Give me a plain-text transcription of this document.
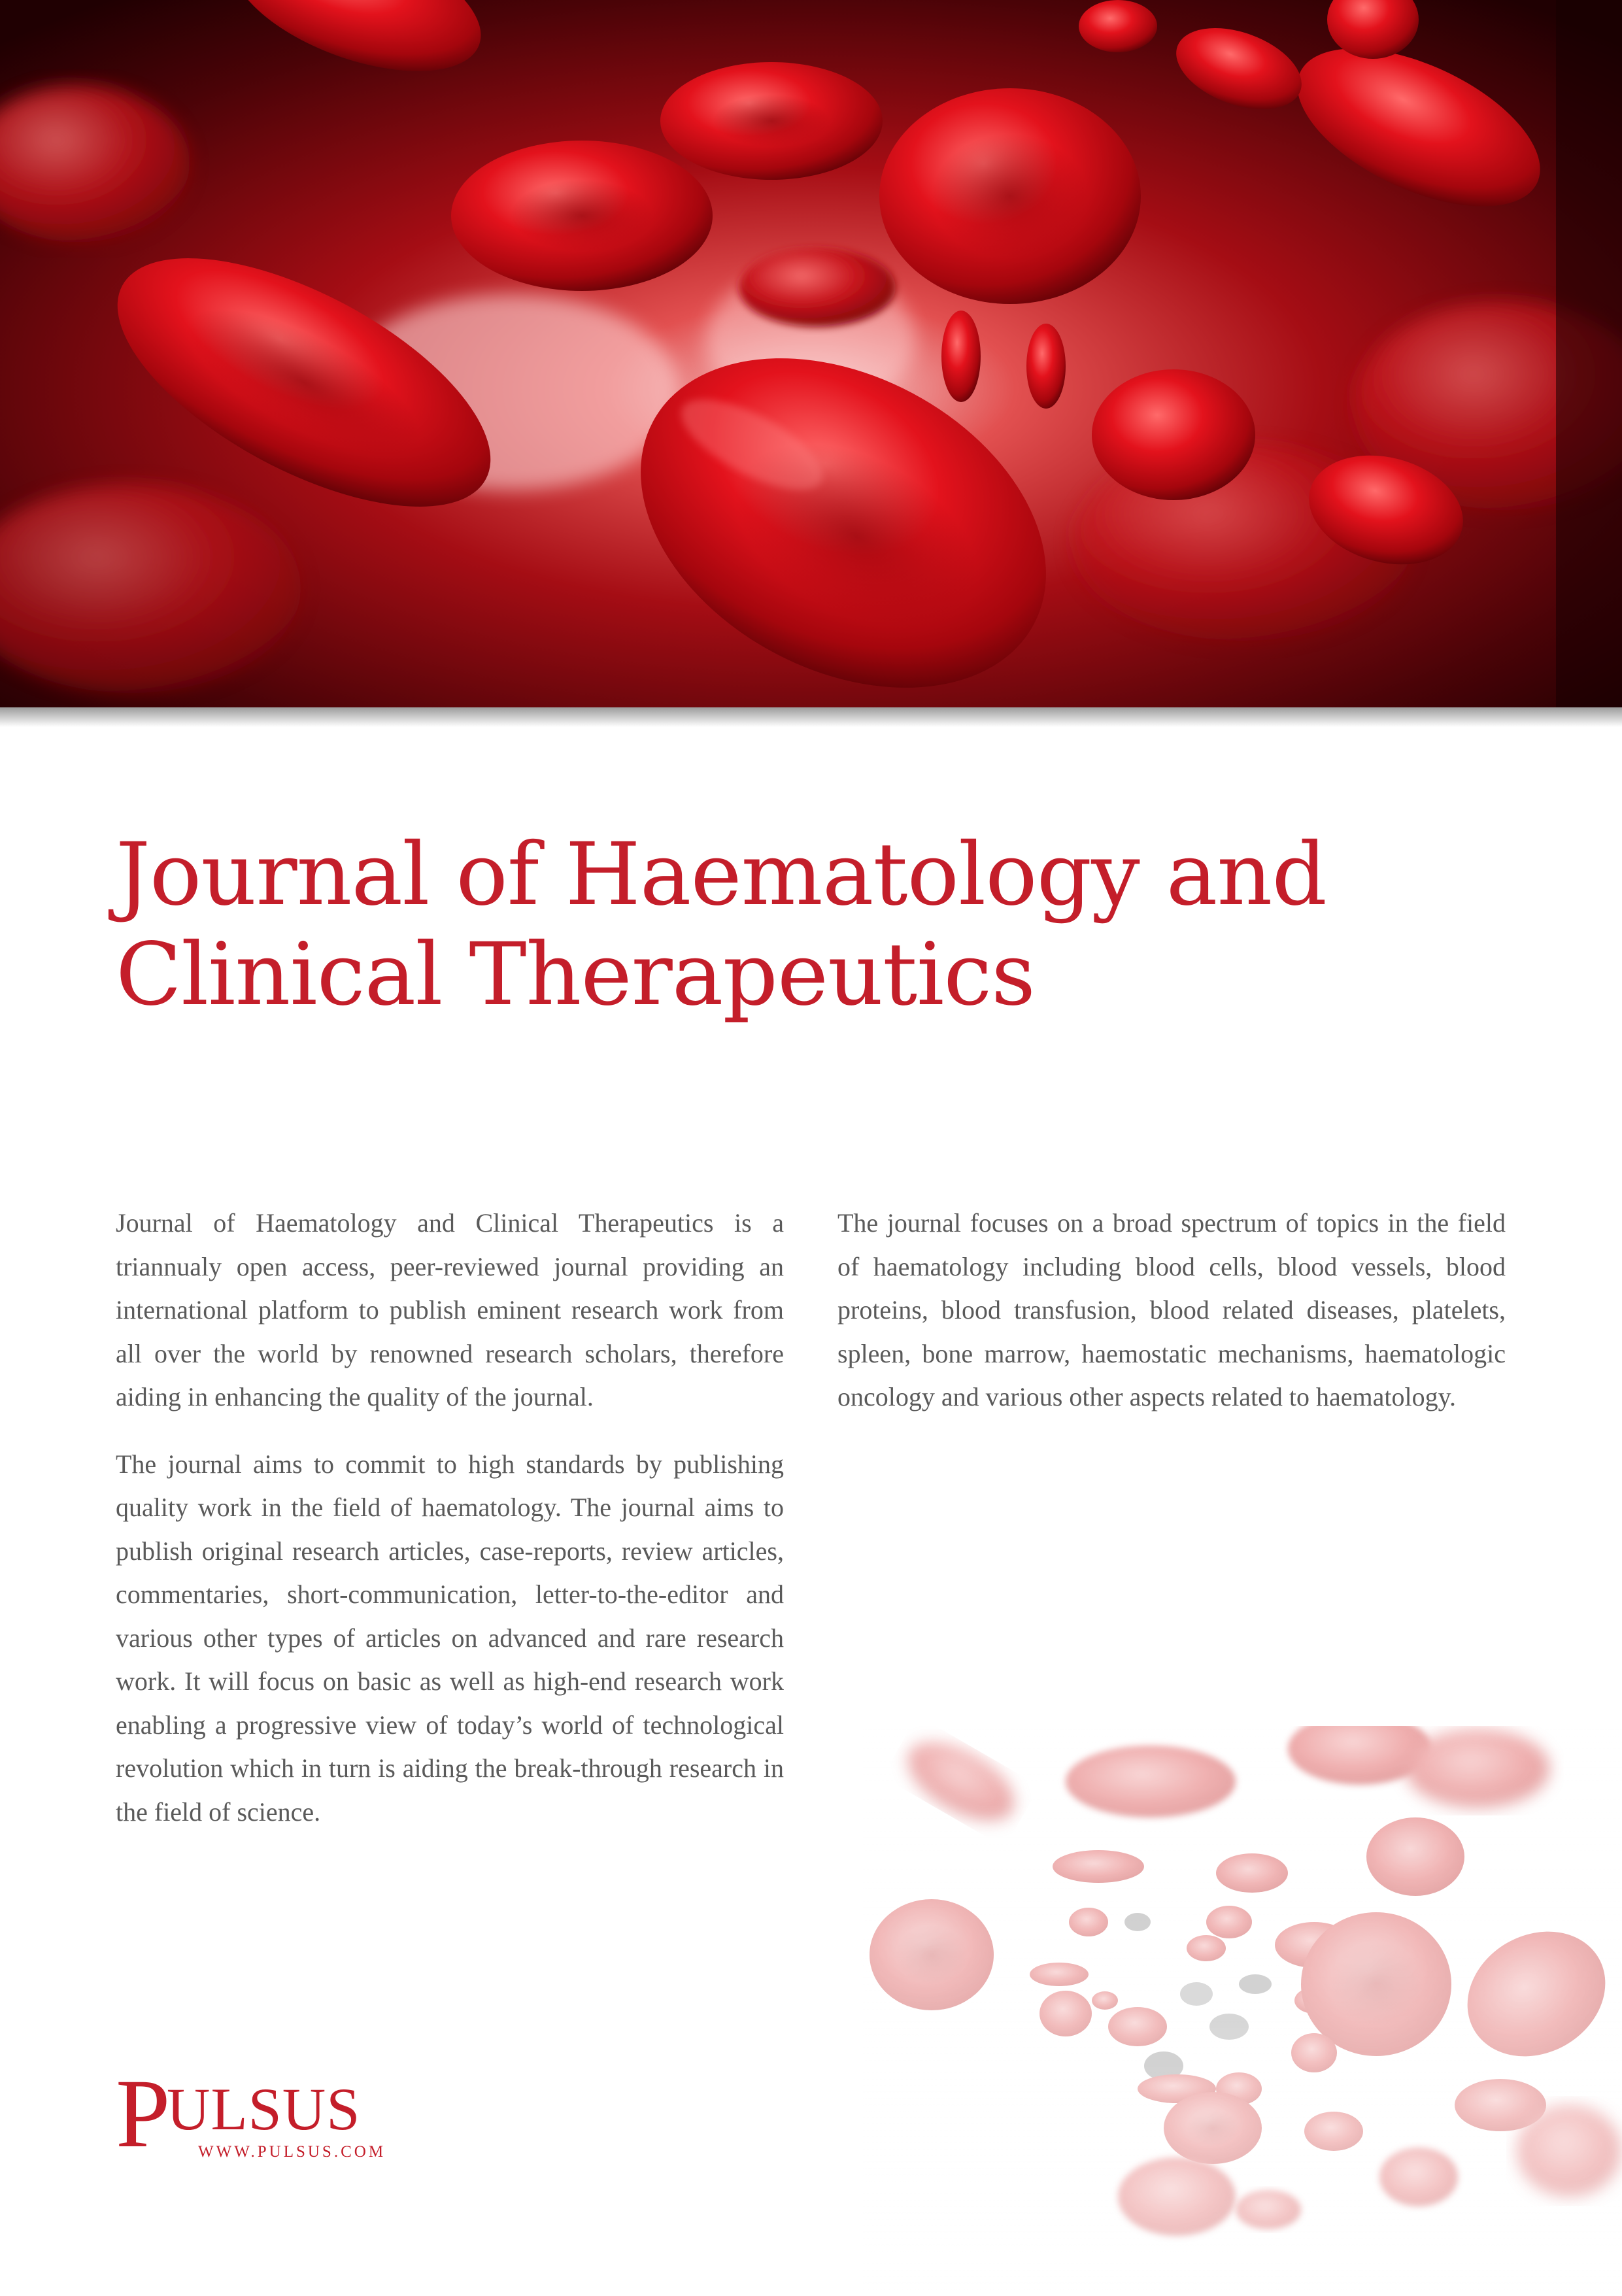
Journal of Haematology and
Clinical Therapeutics

Journal of Haematology and Clinical Therapeutics is a triannualy open access, peer-reviewed journal providing an international platform to publish eminent research work from all over the world by renowned research scholars, therefore aiding in enhancing the quality of the journal.

The journal aims to commit to high standards by publishing quality work in the field of haematology. The journal aims to publish original research articles, case-reports, review articles, commentaries, short-communication, letter-to-the-editor and various other types of articles on advanced and rare research work. It will focus on basic as well as high-end research work enabling a progressive view of today’s world of technological revolution which in turn is aiding the break-through research in the field of science.

The journal focuses on a broad spectrum of topics in the field of haematology including blood cells, blood vessels, blood proteins, blood transfusion, blood related diseases, platelets, spleen, bone marrow, haemostatic mechanisms, haematologic oncology and various other aspects related to haematology.

P
ULSUS
WWW.PULSUS.COM
